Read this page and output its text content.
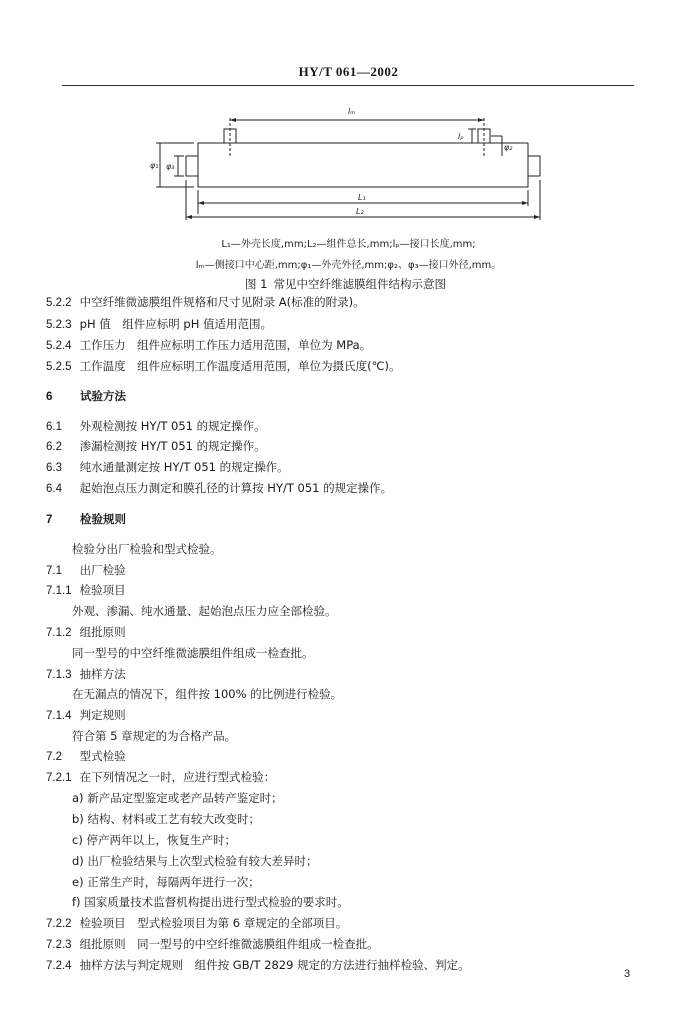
HY/T 061—2002
lₘ
L₁
L₂
lₚ
φ₂
φ₁ φ₃
L₁—外壳长度,mm;L₂—组件总长,mm;lₚ—接口长度,mm;
lₘ—侧接口中心距,mm;φ₁—外壳外径,mm;φ₂、φ₃—接口外径,mm。
图 1 常见中空纤维滤膜组件结构示意图
5.2.2 中空纤维微滤膜组件规格和尺寸见附录 A(标准的附录)。
5.2.3 pH 值　组件应标明 pH 值适用范围。
5.2.4 工作压力　组件应标明工作压力适用范围，单位为 MPa。
5.2.5 工作温度　组件应标明工作温度适用范围，单位为摄氏度(℃)。
6 试验方法
6.1 外观检测按 HY/T 051 的规定操作。
6.2 渗漏检测按 HY/T 051 的规定操作。
6.3 纯水通量测定按 HY/T 051 的规定操作。
6.4 起始泡点压力测定和膜孔径的计算按 HY/T 051 的规定操作。
7 检验规则
检验分出厂检验和型式检验。
7.1 出厂检验
7.1.1 检验项目
外观、渗漏、纯水通量、起始泡点压力应全部检验。
7.1.2 组批原则
同一型号的中空纤维微滤膜组件组成一检查批。
7.1.3 抽样方法
在无漏点的情况下，组件按 100% 的比例进行检验。
7.1.4 判定规则
符合第 5 章规定的为合格产品。
7.2 型式检验
7.2.1 在下列情况之一时，应进行型式检验：
a) 新产品定型鉴定或老产品转产鉴定时；
b) 结构、材料或工艺有较大改变时；
c) 停产两年以上，恢复生产时；
d) 出厂检验结果与上次型式检验有较大差异时；
e) 正常生产时，每隔两年进行一次；
f) 国家质量技术监督机构提出进行型式检验的要求时。
7.2.2 检验项目　型式检验项目为第 6 章规定的全部项目。
7.2.3 组批原则　同一型号的中空纤维微滤膜组件组成一检查批。
7.2.4 抽样方法与判定规则　组件按 GB/T 2829 规定的方法进行抽样检验、判定。
3
